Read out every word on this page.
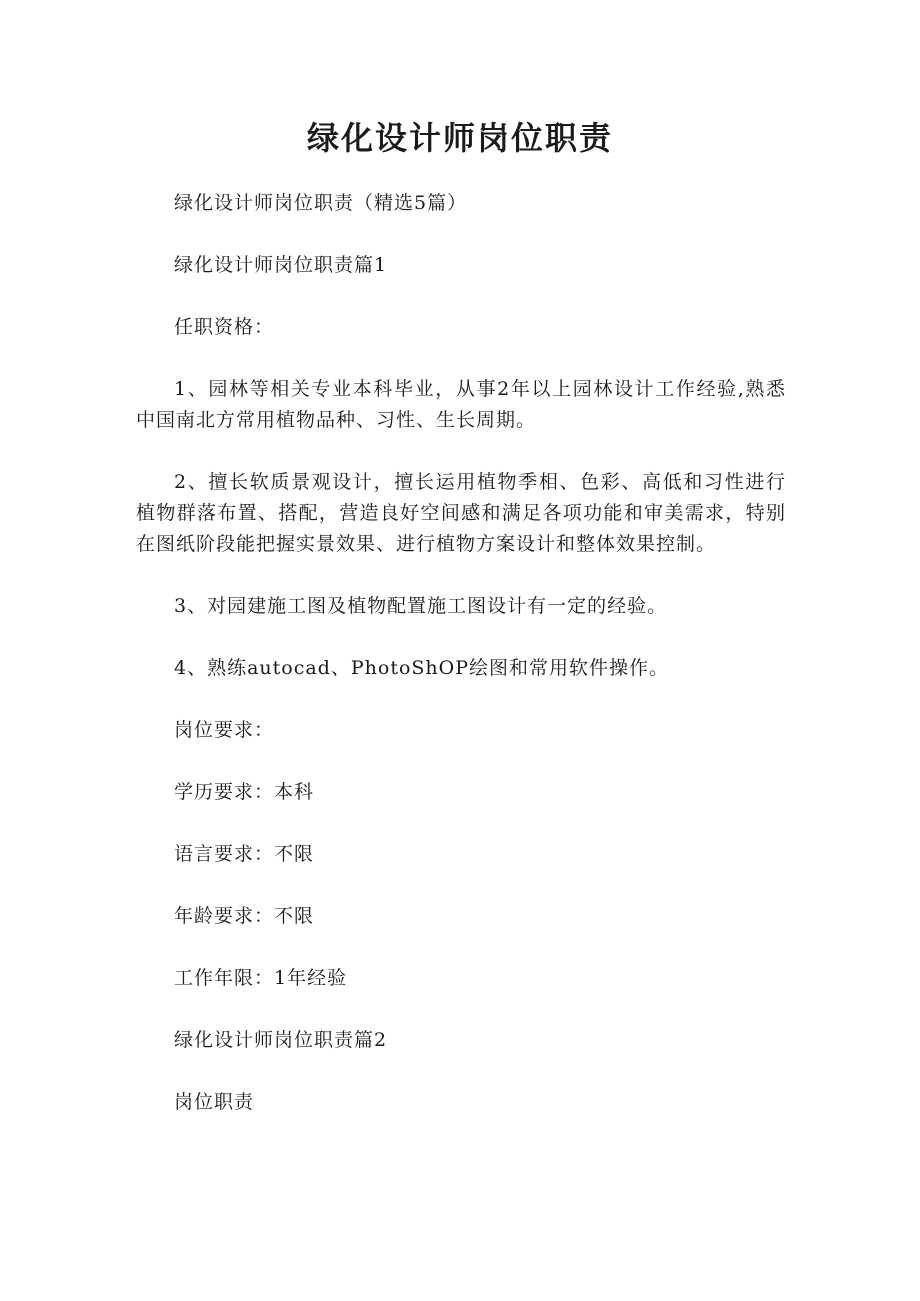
绿化设计师岗位职责

绿化设计师岗位职责（精选5篇）

绿化设计师岗位职责篇1

任职资格：

1、园林等相关专业本科毕业，从事2年以上园林设计工作经验,熟悉中国南北方常用植物品种、习性、生长周期。

2、擅长软质景观设计，擅长运用植物季相、色彩、高低和习性进行植物群落布置、搭配，营造良好空间感和满足各项功能和审美需求，特别在图纸阶段能把握实景效果、进行植物方案设计和整体效果控制。

3、对园建施工图及植物配置施工图设计有一定的经验。

4、熟练autocad、PhotoShOP绘图和常用软件操作。

岗位要求：

学历要求：本科

语言要求：不限

年龄要求：不限

工作年限：1年经验

绿化设计师岗位职责篇2

岗位职责
